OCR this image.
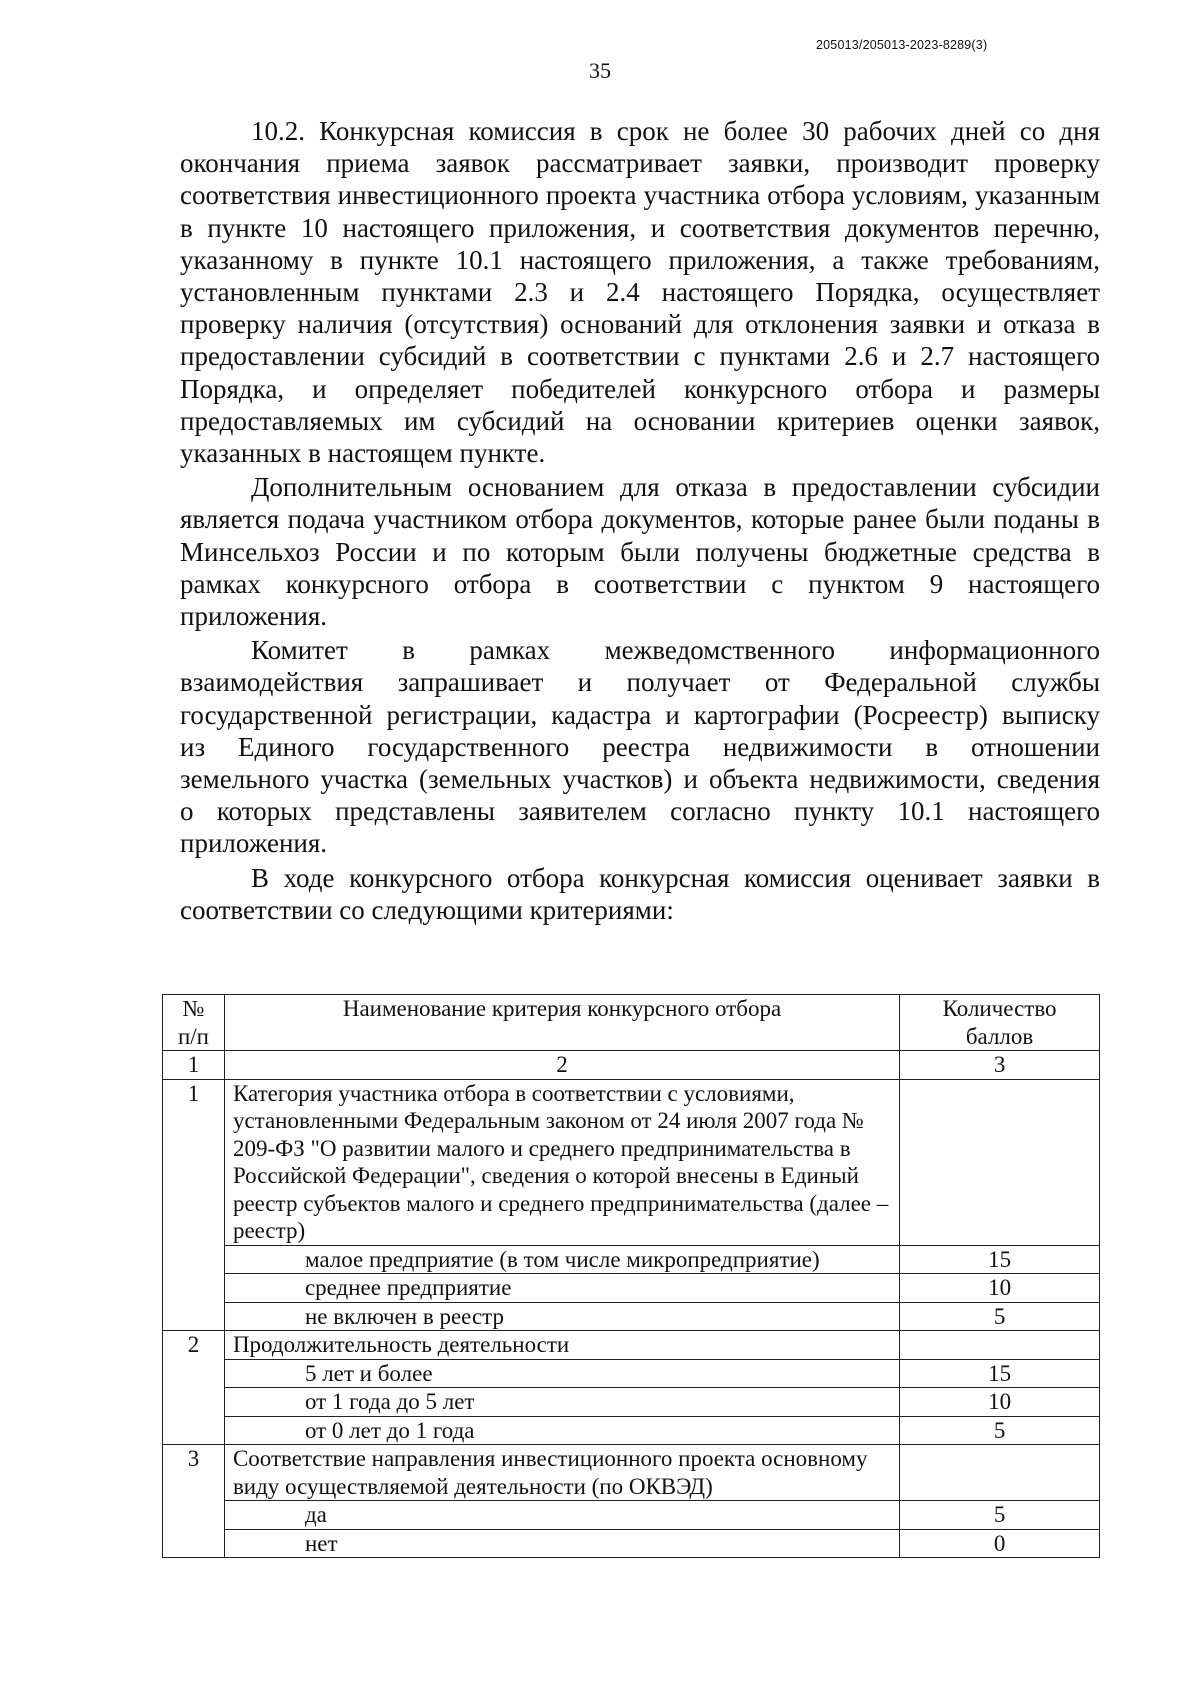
205013/205013-2023-8289(3)
35

10.2. Конкурсная комиссия в срок не более 30 рабочих дней со дня окончания приема заявок рассматривает заявки, производит проверку соответствия инвестиционного проекта участника отбора условиям, указанным в пункте 10 настоящего приложения, и соответствия документов перечню, указанному в пункте 10.1 настоящего приложения, а также требованиям, установленным пунктами 2.3 и 2.4 настоящего Порядка, осуществляет проверку наличия (отсутствия) оснований для отклонения заявки и отказа в предоставлении субсидий в соответствии с пунктами 2.6 и 2.7 настоящего Порядка, и определяет победителей конкурсного отбора и размеры предоставляемых им субсидий на основании критериев оценки заявок, указанных в настоящем пункте.

Дополнительным основанием для отказа в предоставлении субсидии является подача участником отбора документов, которые ранее были поданы в Минсельхоз России и по которым были получены бюджетные средства в рамках конкурсного отбора в соответствии с пунктом 9 настоящего приложения.

Комитет в рамках межведомственного информационного взаимодействия запрашивает и получает от Федеральной службы государственной регистрации, кадастра и картографии (Росреестр) выписку из Единого государственного реестра недвижимости в отношении земельного участка (земельных участков) и объекта недвижимости, сведения о которых представлены заявителем согласно пункту 10.1 настоящего приложения.

В ходе конкурсного отбора конкурсная комиссия оценивает заявки в соответствии со следующими критериями:

№ п/п	Наименование критерия конкурсного отбора	Количество баллов
1	2	3
1	Категория участника отбора в соответствии с условиями, установленными Федеральным законом от 24 июля 2007 года № 209-ФЗ "О развитии малого и среднего предпринимательства в Российской Федерации", сведения о которой внесены в Единый реестр субъектов малого и среднего предпринимательства (далее – реестр)	
	малое предприятие (в том числе микропредприятие)	15
	среднее предприятие	10
	не включен в реестр	5
2	Продолжительность деятельности	
	5 лет и более	15
	от 1 года до 5 лет	10
	от 0 лет до 1 года	5
3	Соответствие направления инвестиционного проекта основному виду осуществляемой деятельности (по ОКВЭД)	
	да	5
	нет	0
